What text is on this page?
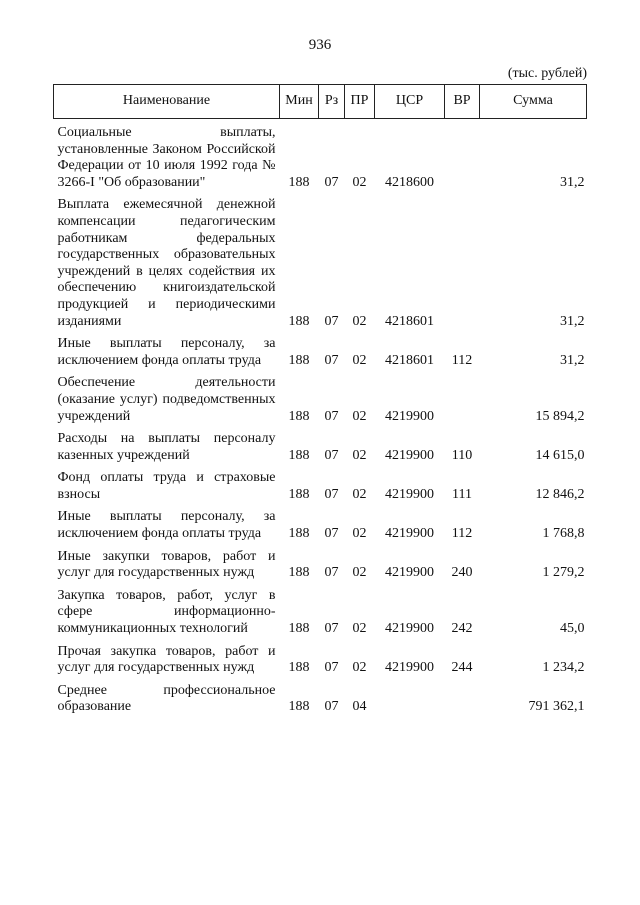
936
(тыс. рублей)
Наименование	Мин	Рз	ПР	ЦСР	ВР	Сумма
Социальные выплаты, установленные Законом Российской Федерации от 10 июля 1992 года № 3266-I "Об образовании"	188	07	02	4218600		31,2
Выплата ежемесячной денежной компенсации педагогическим работникам федеральных государственных образовательных учреждений в целях содействия их обеспечению книгоиздательской продукцией и периодическими изданиями	188	07	02	4218601		31,2
Иные выплаты персоналу, за исключением фонда оплаты труда	188	07	02	4218601	112	31,2
Обеспечение деятельности (оказание услуг) подведомственных учреждений	188	07	02	4219900		15 894,2
Расходы на выплаты персоналу казенных учреждений	188	07	02	4219900	110	14 615,0
Фонд оплаты труда и страховые взносы	188	07	02	4219900	111	12 846,2
Иные выплаты персоналу, за исключением фонда оплаты труда	188	07	02	4219900	112	1 768,8
Иные закупки товаров, работ и услуг для государственных нужд	188	07	02	4219900	240	1 279,2
Закупка товаров, работ, услуг в сфере информационно-коммуникационных технологий	188	07	02	4219900	242	45,0
Прочая закупка товаров, работ и услуг для государственных нужд	188	07	02	4219900	244	1 234,2
Среднее профессиональное образование	188	07	04			791 362,1
